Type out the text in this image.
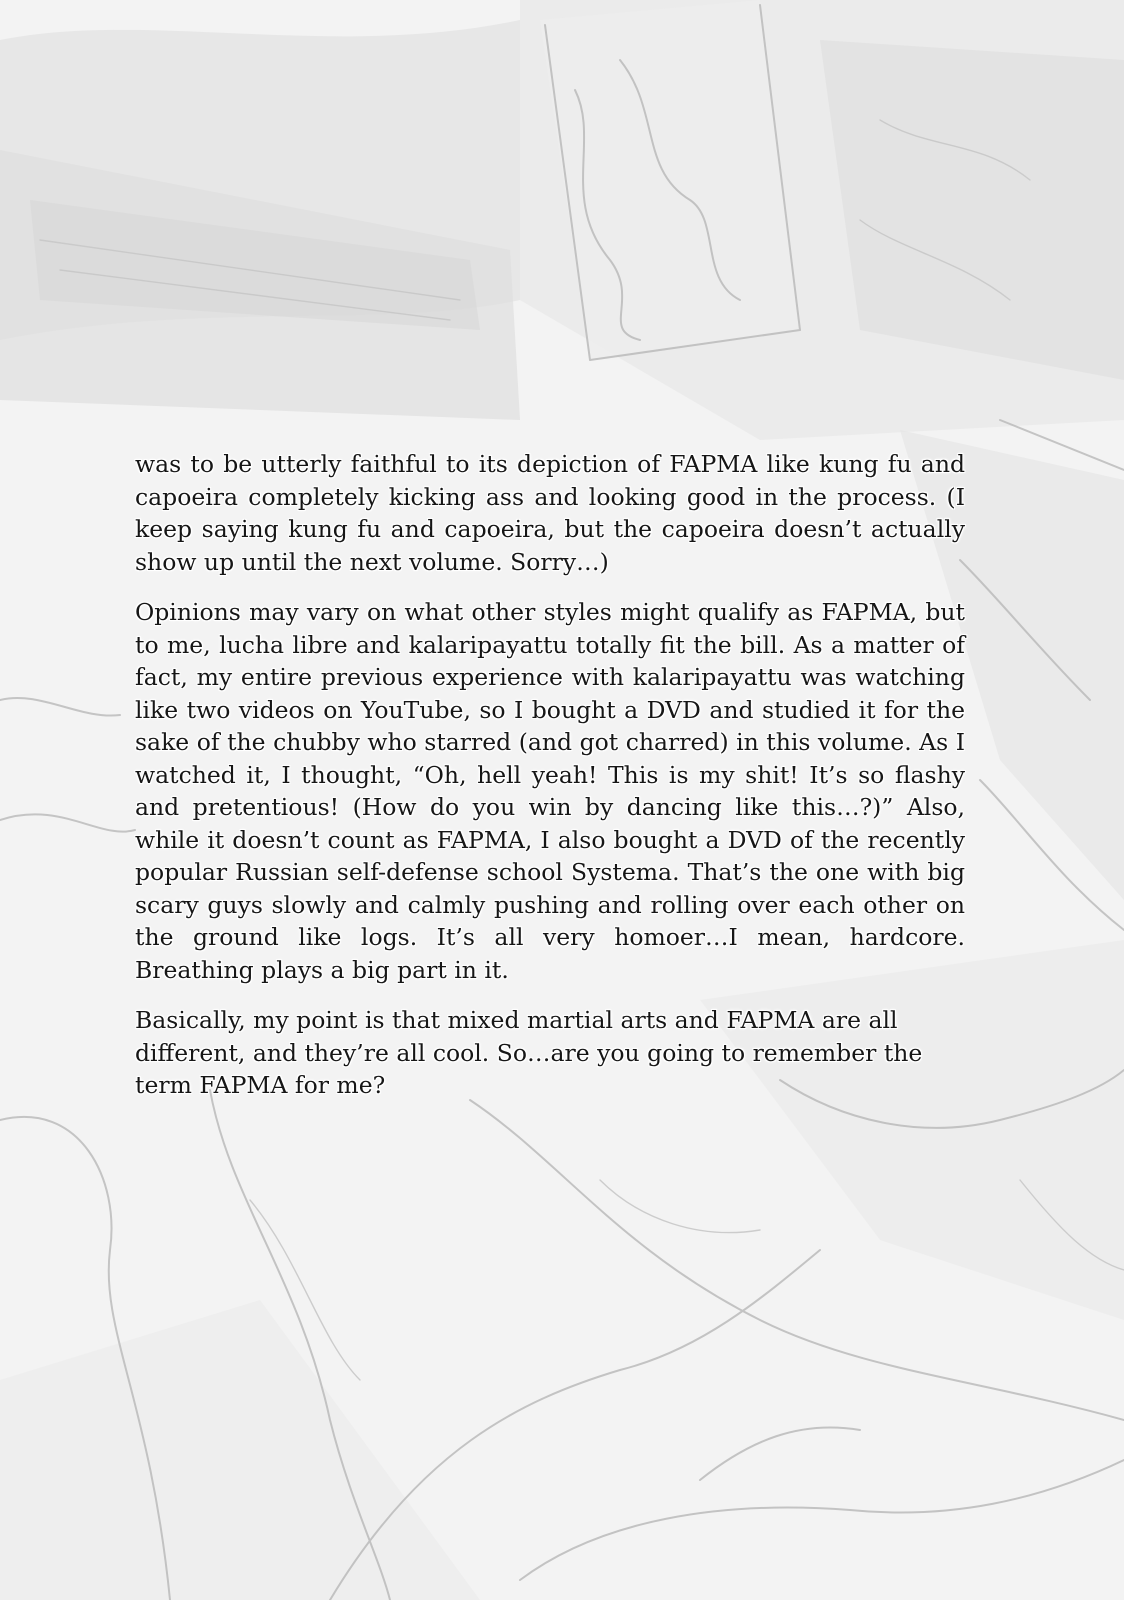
was to be utterly faithful to its depiction of FAPMA like kung fu and capoeira completely kicking ass and looking good in the process. (I keep saying kung fu and capoeira, but the capoeira doesn’t actually show up until the next volume. Sorry…)

Opinions may vary on what other styles might qualify as FAPMA, but to me, lucha libre and kalaripayattu totally fit the bill. As a matter of fact, my entire previous experience with kalaripayattu was watching like two videos on YouTube, so I bought a DVD and studied it for the sake of the chubby who starred (and got charred) in this volume. As I watched it, I thought, “Oh, hell yeah! This is my shit! It’s so flashy and pretentious! (How do you win by dancing like this…?)” Also, while it doesn’t count as FAPMA, I also bought a DVD of the recently popular Russian self-defense school Systema. That’s the one with big scary guys slowly and calmly pushing and rolling over each other on the ground like logs. It’s all very homoer…I mean, hardcore. Breathing plays a big part in it.

Basically, my point is that mixed martial arts and FAPMA are all different, and they’re all cool. So…are you going to remember the term FAPMA for me?
